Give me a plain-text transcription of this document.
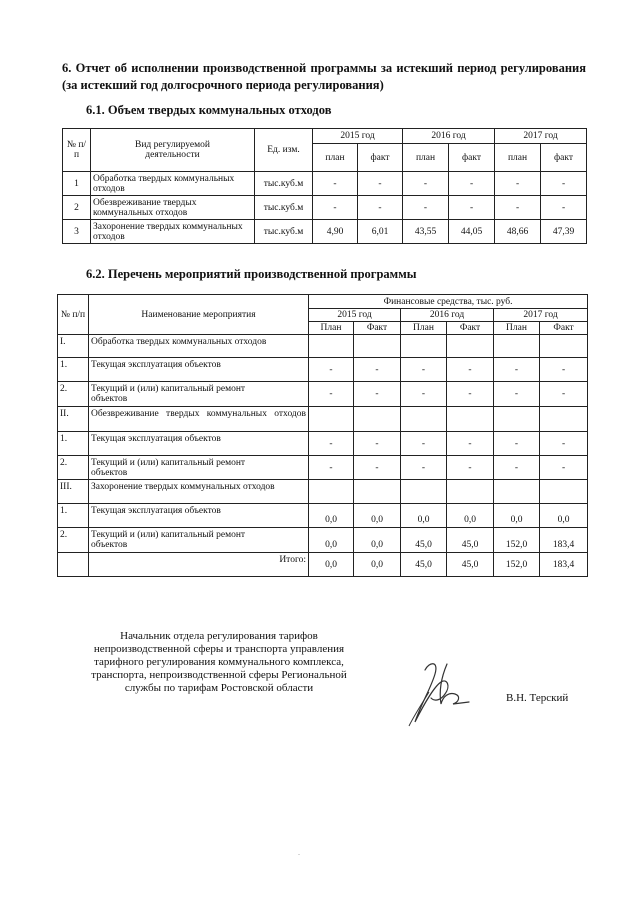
6. Отчет об исполнении производственной программы за истекший период регулирования (за истекший год долгосрочного периода регулирования)
6.1. Объем твердых коммунальных отходов
№ п/п	Вид регулируемой деятельности	Ед. изм.	2015 год		2016 год		2017 год	
			план	факт	план	факт	план	факт
1	Обработка твердых коммунальных отходов	тыс.куб.м	-	-	-	-	-	-
2	Обезвреживание твердых коммунальных отходов	тыс.куб.м	-	-	-	-	-	-
3	Захоронение твердых коммунальных отходов	тыс.куб.м	4,90	6,01	43,55	44,05	48,66	47,39
6.2. Перечень мероприятий производственной программы
№ п/п	Наименование мероприятия	Финансовые средства, тыс. руб.					
		2015 год		2016 год		2017 год	
		План	Факт	План	Факт	План	Факт
I.	Обработка твердых коммунальных отходов						
1.	Текущая эксплуатация объектов	-	-	-	-	-	-
2.	Текущий и (или) капитальный ремонт объектов	-	-	-	-	-	-
II.	Обезвреживание твердых коммунальных отходов						
1.	Текущая эксплуатация объектов	-	-	-	-	-	-
2.	Текущий и (или) капитальный ремонт объектов	-	-	-	-	-	-
III.	Захоронение твердых коммунальных отходов						
1.	Текущая эксплуатация объектов	0,0	0,0	0,0	0,0	0,0	0,0
2.	Текущий и (или) капитальный ремонт объектов	0,0	0,0	45,0	45,0	152,0	183,4
	Итого:	0,0	0,0	45,0	45,0	152,0	183,4
Начальник отдела регулирования тарифов непроизводственной сферы и транспорта управления тарифного регулирования коммунального комплекса, транспорта, непроизводственной сферы Региональной службы по тарифам Ростовской области
В.Н. Терский
.
